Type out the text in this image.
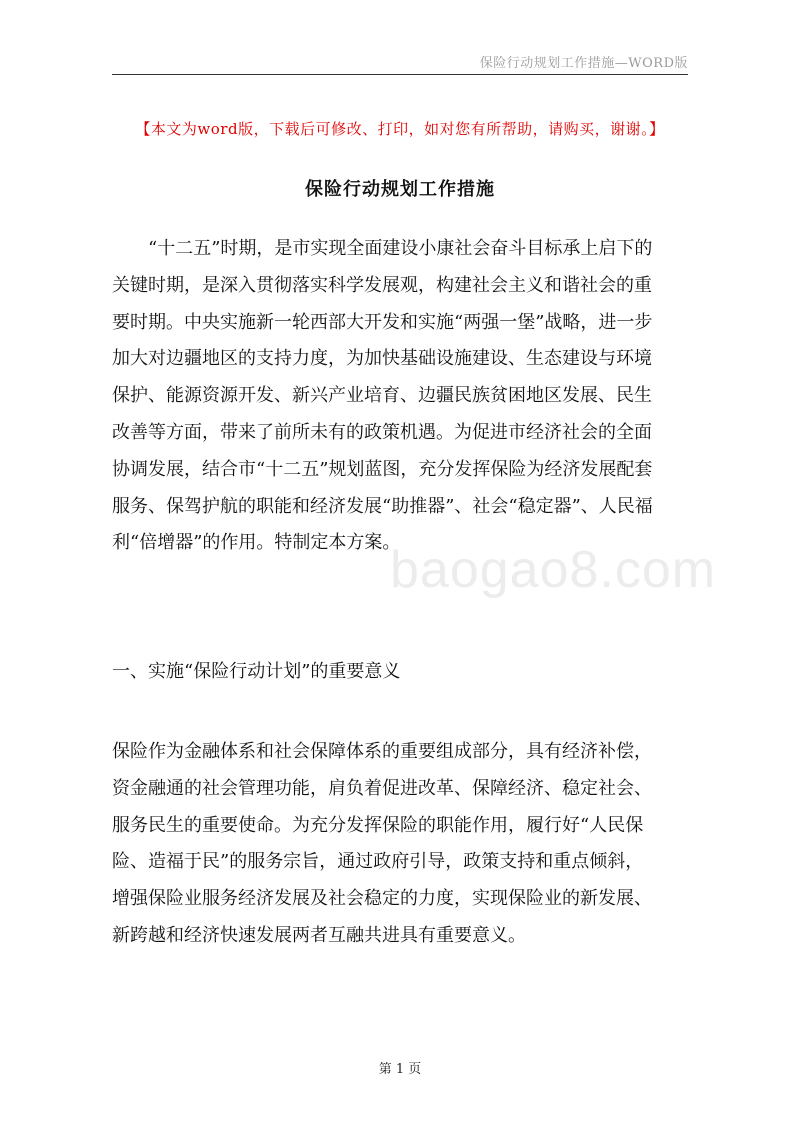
保险行动规划工作措施—WORD版
【本文为word版，下载后可修改、打印，如对您有所帮助，请购买，谢谢。】
保险行动规划工作措施
　　“十二五”时期，是市实现全面建设小康社会奋斗目标承上启下的
关键时期，是深入贯彻落实科学发展观，构建社会主义和谐社会的重
要时期。中央实施新一轮西部大开发和实施“两强一堡”战略，进一步
加大对边疆地区的支持力度，为加快基础设施建设、生态建设与环境
保护、能源资源开发、新兴产业培育、边疆民族贫困地区发展、民生
改善等方面，带来了前所未有的政策机遇。为促进市经济社会的全面
协调发展，结合市“十二五”规划蓝图，充分发挥保险为经济发展配套
服务、保驾护航的职能和经济发展“助推器”、社会“稳定器”、人民福
利“倍增器”的作用。特制定本方案。
一、实施“保险行动计划”的重要意义
保险作为金融体系和社会保障体系的重要组成部分，具有经济补偿，
资金融通的社会管理功能，肩负着促进改革、保障经济、稳定社会、
服务民生的重要使命。为充分发挥保险的职能作用，履行好“人民保
险、造福于民”的服务宗旨，通过政府引导，政策支持和重点倾斜，
增强保险业服务经济发展及社会稳定的力度，实现保险业的新发展、
新跨越和经济快速发展两者互融共进具有重要意义。
baogao8.com
第 1 页
